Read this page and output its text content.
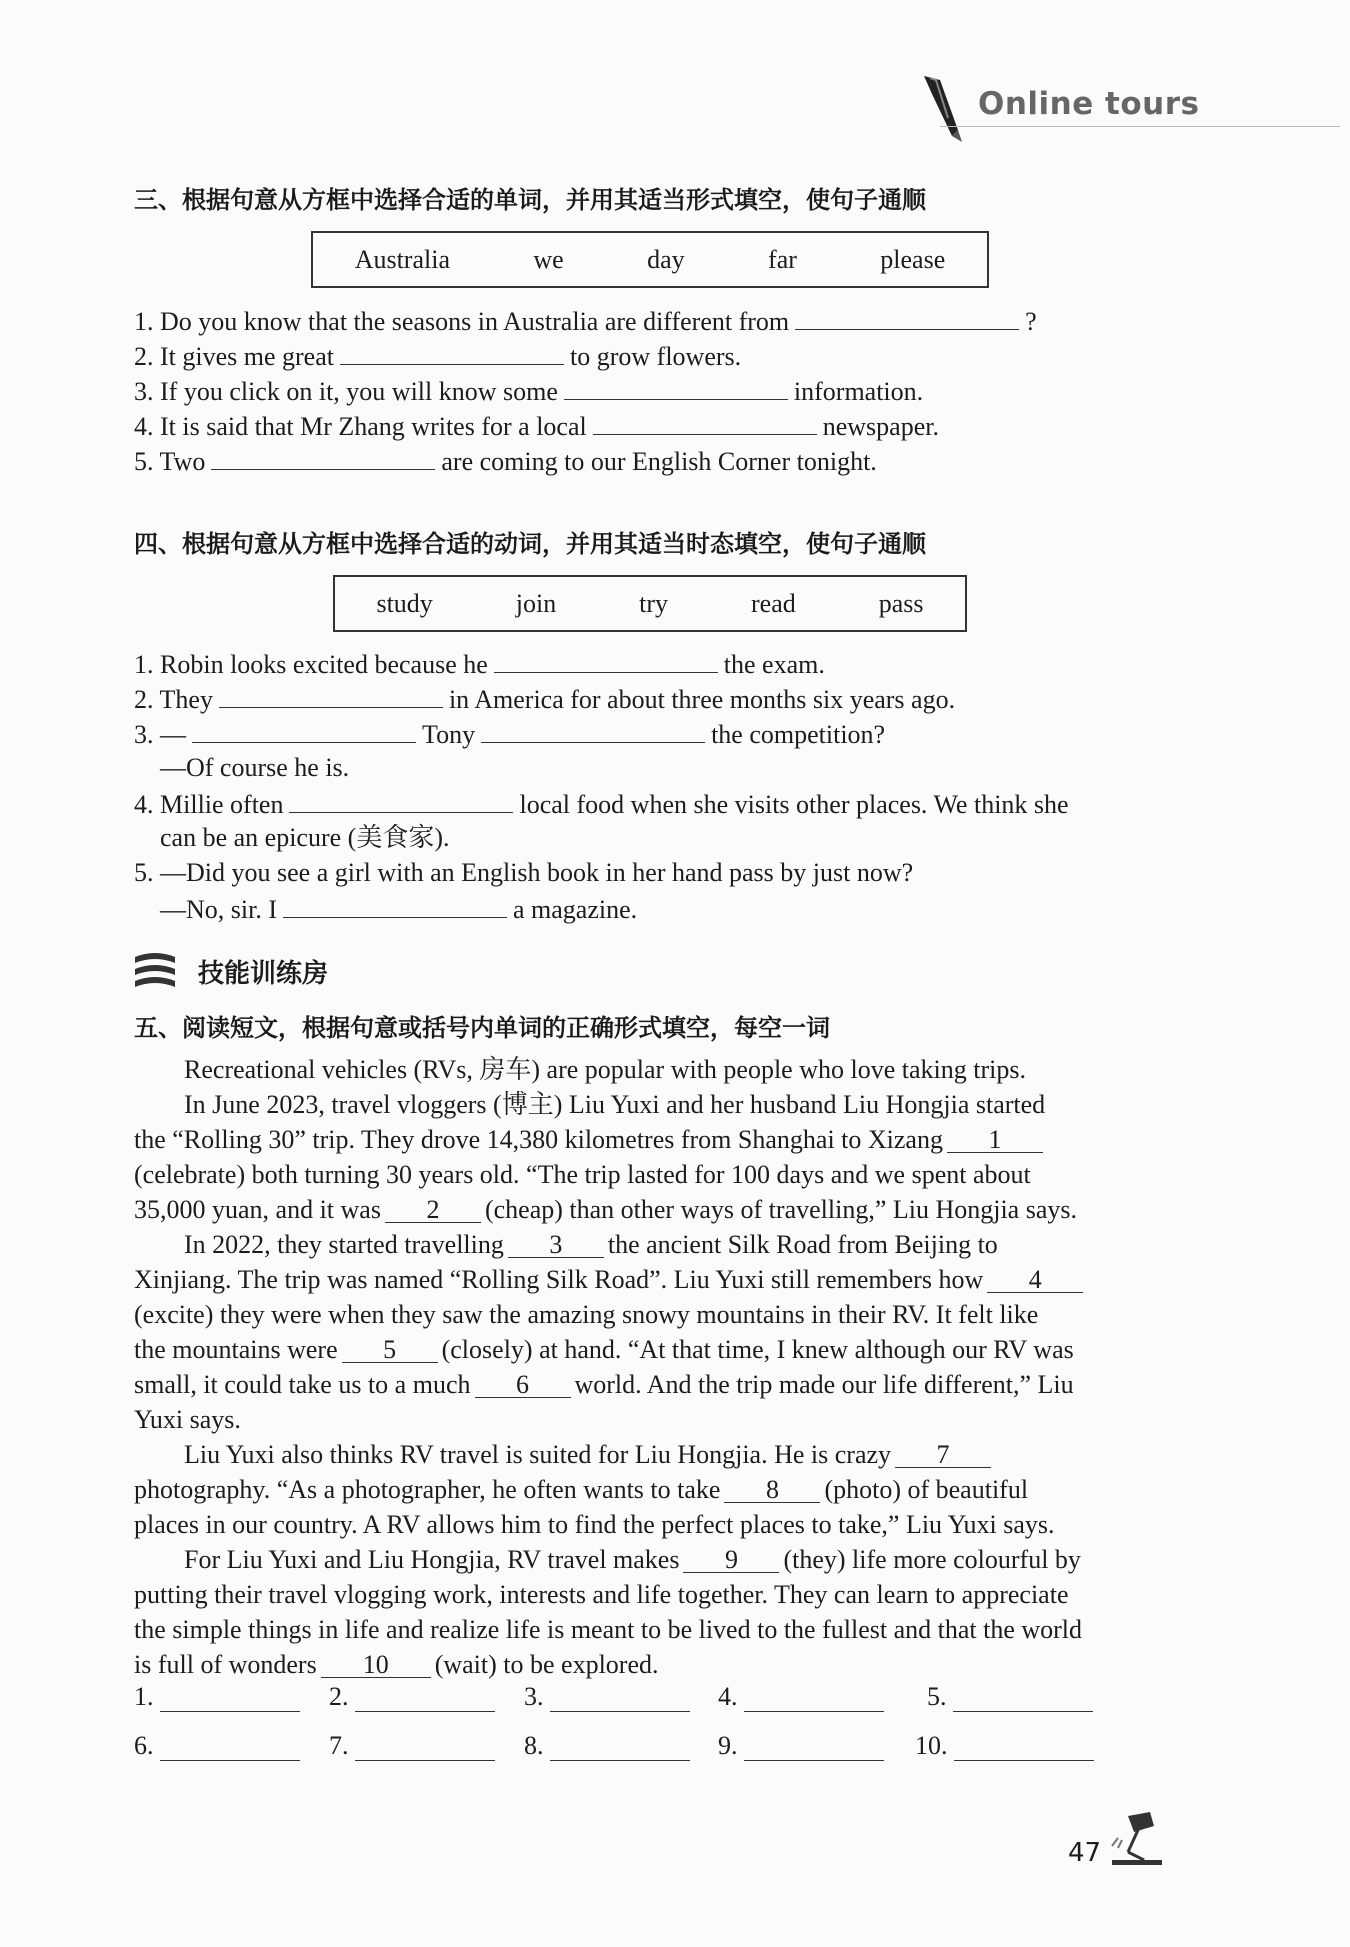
Online tours
三、根据句意从方框中选择合适的单词，并用其适当形式填空，使句子通顺
Australia	we	day	far	please
1. Do you know that the seasons in Australia are different from	?
2. It gives me great	to grow flowers.
3. If you click on it, you will know some	information.
4. It is said that Mr Zhang writes for a local	newspaper.
5. Two	are coming to our English Corner tonight.
四、根据句意从方框中选择合适的动词，并用其适当时态填空，使句子通顺
study	join	try	read	pass
1. Robin looks excited because he	the exam.
2. They	in America for about three months six years ago.
3. —	Tony	the competition?
—Of course he is.
4. Millie often	local food when she visits other places. We think she
can be an epicure (美食家).
5. —Did you see a girl with an English book in her hand pass by just now?
—No, sir. I	a magazine.
技能训练房
五、阅读短文，根据句意或括号内单词的正确形式填空，每空一词
Recreational vehicles (RVs, 房车) are popular with people who love taking trips.
In June 2023, travel vloggers (博主) Liu Yuxi and her husband Liu Hongjia started
the “Rolling 30” trip. They drove 14,380 kilometres from Shanghai to Xizang 1
(celebrate) both turning 30 years old. “The trip lasted for 100 days and we spent about
35,000 yuan, and it was 2 (cheap) than other ways of travelling,” Liu Hongjia says.
In 2022, they started travelling 3 the ancient Silk Road from Beijing to
Xinjiang. The trip was named “Rolling Silk Road”. Liu Yuxi still remembers how 4
(excite) they were when they saw the amazing snowy mountains in their RV. It felt like
the mountains were 5 (closely) at hand. “At that time, I knew although our RV was
small, it could take us to a much 6 world. And the trip made our life different,” Liu
Yuxi says.
Liu Yuxi also thinks RV travel is suited for Liu Hongjia. He is crazy 7
photography. “As a photographer, he often wants to take 8 (photo) of beautiful
places in our country. A RV allows him to find the perfect places to take,” Liu Yuxi says.
For Liu Yuxi and Liu Hongjia, RV travel makes 9 (they) life more colourful by
putting their travel vlogging work, interests and life together. They can learn to appreciate
the simple things in life and realize life is meant to be lived to the fullest and that the world
is full of wonders 10 (wait) to be explored.
1.	2.	3.	4.	5.
6.	7.	8.	9.	10.
47
